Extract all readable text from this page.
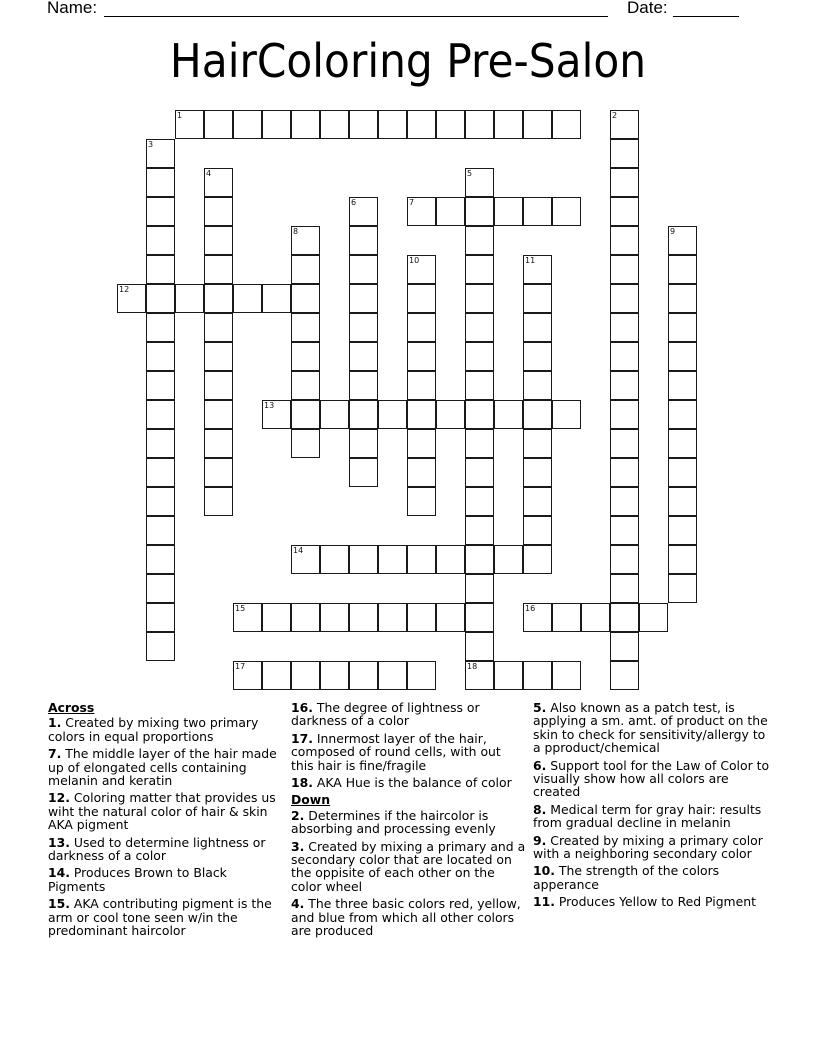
Name:	Date:
HairColoring Pre-Salon
1	2
3
4	5
6	7
8	9
10	11
12
13
14
15	16
17	18
Across
1. Created by mixing two primary colors in equal proportions
7. The middle layer of the hair made up of elongated cells containing melanin and keratin
12. Coloring matter that provides us wiht the natural color of hair & skin AKA pigment
13. Used to determine lightness or darkness of a color
14. Produces Brown to Black Pigments
15. AKA contributing pigment is the arm or cool tone seen w/in the predominant haircolor
16. The degree of lightness or darkness of a color
17. Innermost layer of the hair, composed of round cells, with out this hair is fine/fragile
18. AKA Hue is the balance of color
Down
2. Determines if the haircolor is absorbing and processing evenly
3. Created by mixing a primary and a secondary color that are located on the oppisite of each other on the color wheel
4. The three basic colors red, yellow, and blue from which all other colors are produced
5. Also known as a patch test, is applying a sm. amt. of product on the skin to check for sensitivity/allergy to a pproduct/chemical
6. Support tool for the Law of Color to visually show how all colors are created
8. Medical term for gray hair: results from gradual decline in melanin
9. Created by mixing a primary color with a neighboring secondary color
10. The strength of the colors apperance
11. Produces Yellow to Red Pigment
